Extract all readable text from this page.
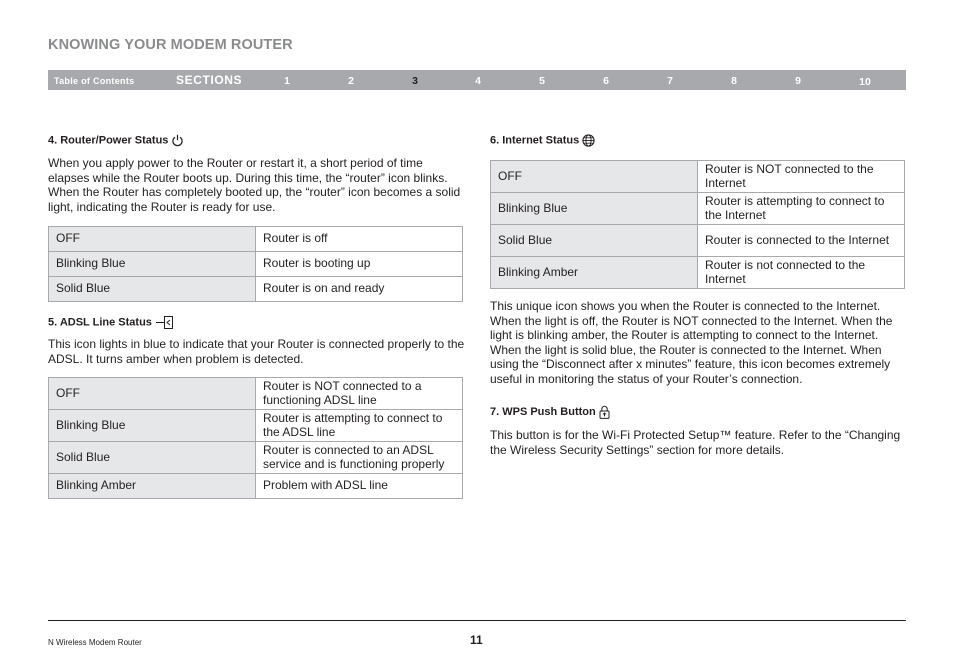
KNOWING YOUR MODEM ROUTER
Table of Contents	SECTIONS	1	2	3	4	5	6	7	8	9	10
4. Router/Power Status
When you apply power to the Router or restart it, a short period of time elapses while the Router boots up. During this time, the “router” icon blinks. When the Router has completely booted up, the “router” icon becomes a solid light, indicating the Router is ready for use.
OFF	Router is off
Blinking Blue	Router is booting up
Solid Blue	Router is on and ready
5. ADSL Line Status
This icon lights in blue to indicate that your Router is connected properly to the ADSL. It turns amber when problem is detected.
OFF	Router is NOT connected to a functioning ADSL line
Blinking Blue	Router is attempting to connect to the ADSL line
Solid Blue	Router is connected to an ADSL service and is functioning properly
Blinking Amber	Problem with ADSL line
6. Internet Status
OFF	Router is NOT connected to the Internet
Blinking Blue	Router is attempting to connect to the Internet
Solid Blue	Router is connected to the Internet
Blinking Amber	Router is not connected to the Internet
This unique icon shows you when the Router is connected to the Internet. When the light is off, the Router is NOT connected to the Internet. When the light is blinking amber, the Router is attempting to connect to the Internet. When the light is solid blue, the Router is connected to the Internet. When using the “Disconnect after x minutes” feature, this icon becomes extremely useful in monitoring the status of your Router’s connection.
7. WPS Push Button
This button is for the Wi-Fi Protected Setup™ feature. Refer to the “Changing the Wireless Security Settings” section for more details.
N Wireless Modem Router	11
